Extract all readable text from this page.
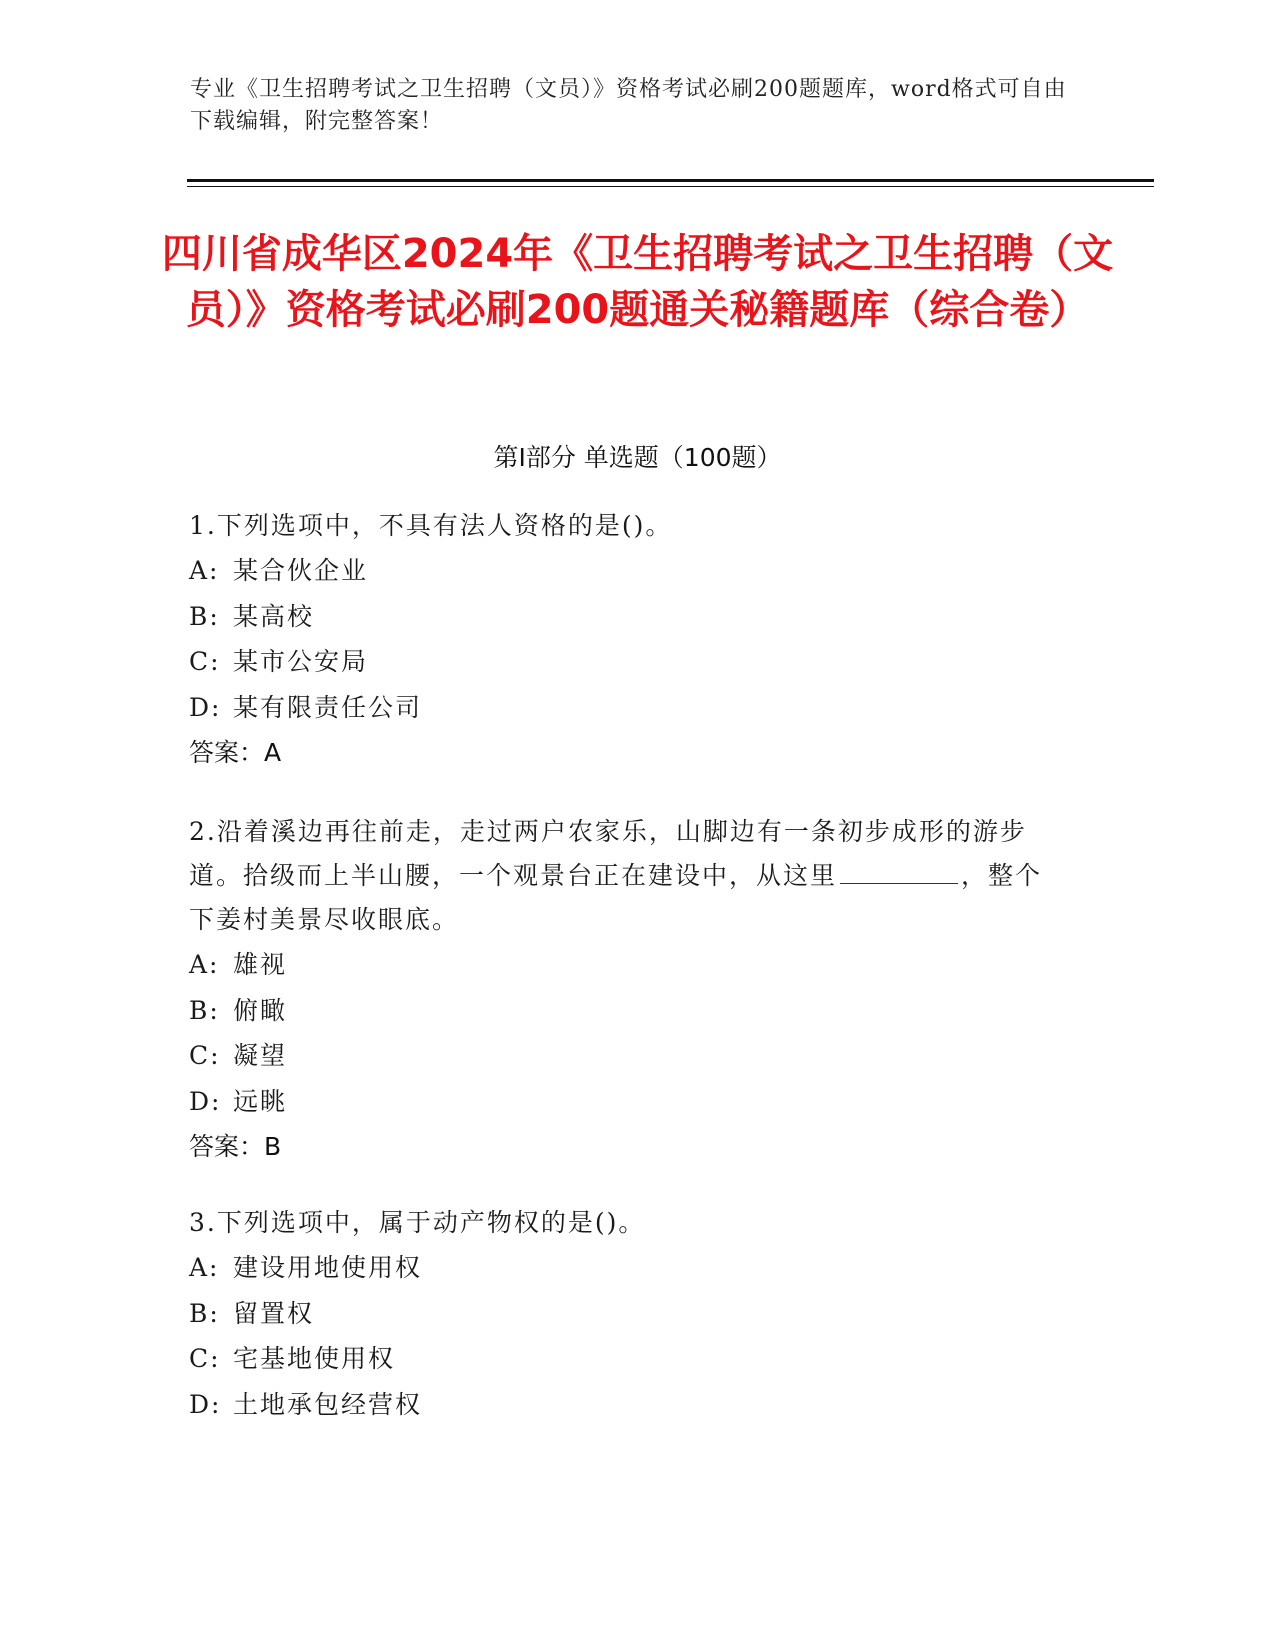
专业《卫生招聘考试之卫生招聘（文员）》资格考试必刷200题题库，word格式可自由下载编辑，附完整答案！
四川省成华区2024年《卫生招聘考试之卫生招聘（文员）》资格考试必刷200题通关秘籍题库（综合卷）
第I部分 单选题（100题）
1.下列选项中，不具有法人资格的是()。
A: 某合伙企业
B: 某高校
C: 某市公安局
D: 某有限责任公司
答案：A
2.沿着溪边再往前走，走过两户农家乐，山脚边有一条初步成形的游步道。拾级而上半山腰，一个观景台正在建设中，从这里	，整个下姜村美景尽收眼底。
A: 雄视
B: 俯瞰
C: 凝望
D: 远眺
答案：B
3.下列选项中，属于动产物权的是()。
A: 建设用地使用权
B: 留置权
C: 宅基地使用权
D: 土地承包经营权
